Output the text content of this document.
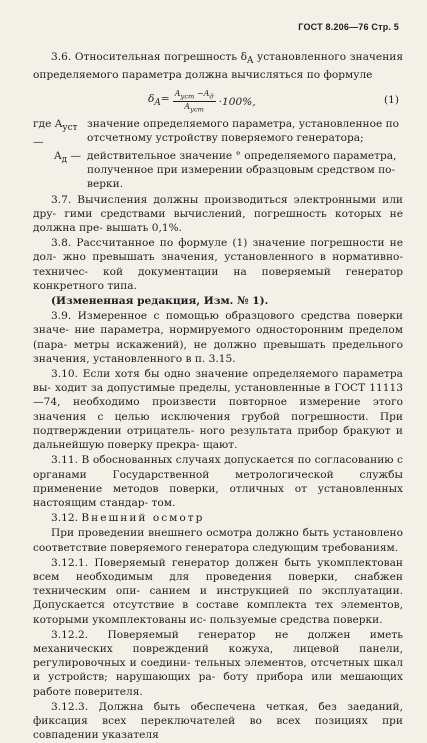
ГОСТ 8.206—76 Стр. 5
3.6. Относительная погрешность $\delta_A$ установленного значения определяемого параметра должна вычисляться по формуле
$\delta_A= \frac{A_{уст} -A_д}{A_{уст}} \cdot 100\%$,	(1)
где $A_{уст}$ —
значение определяемого параметра, установленное по отсчетному устройству поверяемого генератора;
$A_д$ — действительное значение ° определяемого параметра, полученное при измерении образцовым средством по- верки.
3.7. Вычисления должны производиться электронными или дру- гими средствами вычислений, погрешность которых не должна пре- вышать 0,1%.
3.8. Рассчитанное по формуле (1) значение погрешности не дол- жно превышать значения, установленного в нормативно-техничес- кой документации на поверяемый генератор конкретного типа.
(Измененная редакция, Изм. № 1).
3.9. Измеренное с помощью образцового средства поверки значе- ние параметра, нормируемого односторонним пределом (пара- метры искажений), не должно превышать предельного значения, установленного в п. 3.15.
3.10. Если хотя бы одно значение определяемого параметра вы- ходит за допустимые пределы, установленные в ГОСТ 11113—74, необходимо произвести повторное измерение этого значения с целью исключения грубой погрешности. При подтверждении отрицатель- ного результата прибор бракуют и дальнейшую поверку прекра- щают.
3.11. В обоснованных случаях допускается по согласованию с органами Государственной метрологической службы применение методов поверки, отличных от установленных настоящим стандар- том.
3.12. Внешний осмотр
При проведении внешнего осмотра должно быть установлено соответствие поверяемого генератора следующим требованиям.
3.12.1. Поверяемый генератор должен быть укомплектован всем необходимым для проведения поверки, снабжен техническим опи- санием и инструкцией по эксплуатации. Допускается отсутствие в составе комплекта тех элементов, которыми укомплектованы ис- пользуемые средства поверки.
3.12.2. Поверяемый генератор не должен иметь механических повреждений кожуха, лицевой панели, регулировочных и соедини- тельных элементов, отсчетных шкал и устройств; нарушающих ра- боту прибора или мешающих работе поверителя.
3.12.3. Должна быть обеспечена четкая, без заеданий, фиксация всех переключателей во всех позициях при совпадении указателя
